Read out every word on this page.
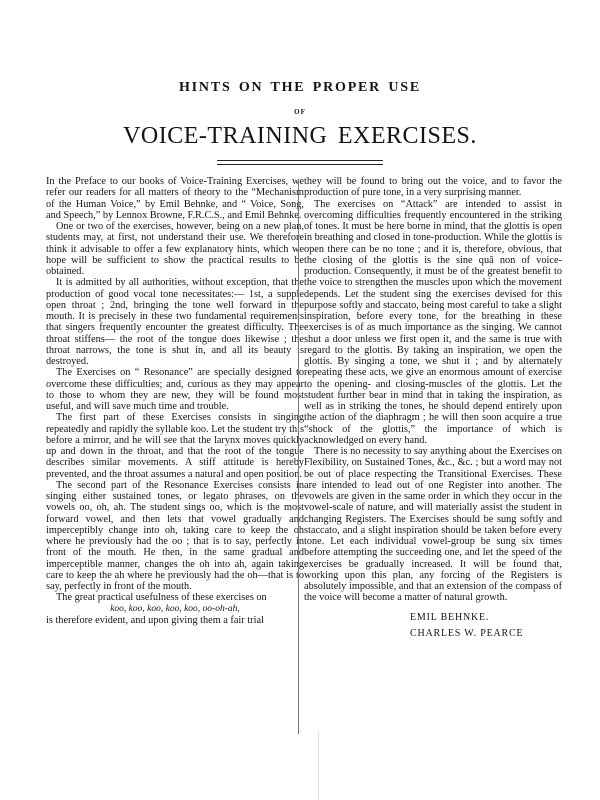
HINTS ON THE PROPER USE
OF
VOICE-TRAINING EXERCISES.

In the Preface to our books of Voice-Training Exercises, we refer our readers for all matters of theory to the “Mechanism of the Human Voice,” by Emil Behnke, and “ Voice, Song, and Speech,” by Lennox Browne, F.R.C.S., and Emil Behnke.

One or two of the exercises, however, being on a new plan, students may, at first, not understand their use. We therefore think it advisable to offer a few explanatory hints, which we hope will be sufficient to show the practical results to be obtained.

It is admitted by all authorities, without exception, that the production of good vocal tone necessitates:— 1st, a supple open throat ; 2nd, bringing the tone well forward in the mouth. It is precisely in these two fundamental requirements that singers frequently encounter the greatest difficulty. The throat stiffens— the root of the tongue does likewise ; the throat narrows, the tone is shut in, and all its beauty is destroyed.

The Exercises on “ Resonance” are specially designed to overcome these difficulties; and, curious as they may appear to those to whom they are new, they will be found most useful, and will save much time and trouble.

The first part of these Exercises consists in singing repeatedly and rapidly the syllable koo. Let the student try this before a mirror, and he will see that the larynx moves quickly up and down in the throat, and that the root of the tongue describes similar movements. A stiff attitude is hereby prevented, and the throat assumes a natural and open position.

The second part of the Resonance Exercises consists in singing either sustained tones, or legato phrases, on the vowels oo, oh, ah. The student sings oo, which is the most forward vowel, and then lets that vowel gradually and imperceptibly change into oh, taking care to keep the oh where he previously had the oo ; that is to say, perfectly in front of the mouth. He then, in the same gradual and imperceptible manner, changes the oh into ah, again taking care to keep the ah where he previously had the oh—that is to say, perfectly in front of the mouth.

The great practical usefulness of these exercises on

koo, koo, koo, koo, koo, oo-oh-ah,

is therefore evident, and upon giving them a fair trial

they will be found to bring out the voice, and to favor the production of pure tone, in a very surprising manner.

The exercises on “Attack” are intended to assist in overcoming difficulties frequently encountered in the striking of tones. It must be here borne in mind, that the glottis is open in breathing and closed in tone-production. While the glottis is open there can be no tone ; and it is, therefore, obvious, that the closing of the glottis is the sine quâ non of voice-production. Consequently, it must be of the greatest benefit to the voice to strengthen the muscles upon which the movement depends. Let the student sing the exercises devised for this purpose softly and staccato, being most careful to take a slight inspiration, before every tone, for the breathing in these exercises is of as much importance as the singing. We cannot shut a door unless we first open it, and the same is true with regard to the glottis. By taking an inspiration, we open the glottis. By singing a tone, we shut it ; and by alternately repeating these acts, we give an enormous amount of exercise to the opening- and closing-muscles of the glottis. Let the student further bear in mind that in taking the inspiration, as well as in striking the tones, he should depend entirely upon the action of the diaphragm ; he will then soon acquire a true “shock of the glottis,” the importance of which is acknowledged on every hand.

There is no necessity to say anything about the Exercises on Flexibility, on Sustained Tones, &c., &c. ; but a word may not be out of place respecting the Transitional Exercises. These are intended to lead out of one Register into another. The vowels are given in the same order in which they occur in the vowel-scale of nature, and will materially assist the student in changing Registers. The Exercises should be sung softly and staccato, and a slight inspiration should be taken before every tone. Let each individual vowel-group be sung six times before attempting the succeeding one, and let the speed of the exercises be gradually increased. It will be found that, working upon this plan, any forcing of the Registers is absolutely impossible, and that an extension of the compass of the voice will become a matter of natural growth.

EMIL BEHNKE.

CHARLES W. PEARCE
